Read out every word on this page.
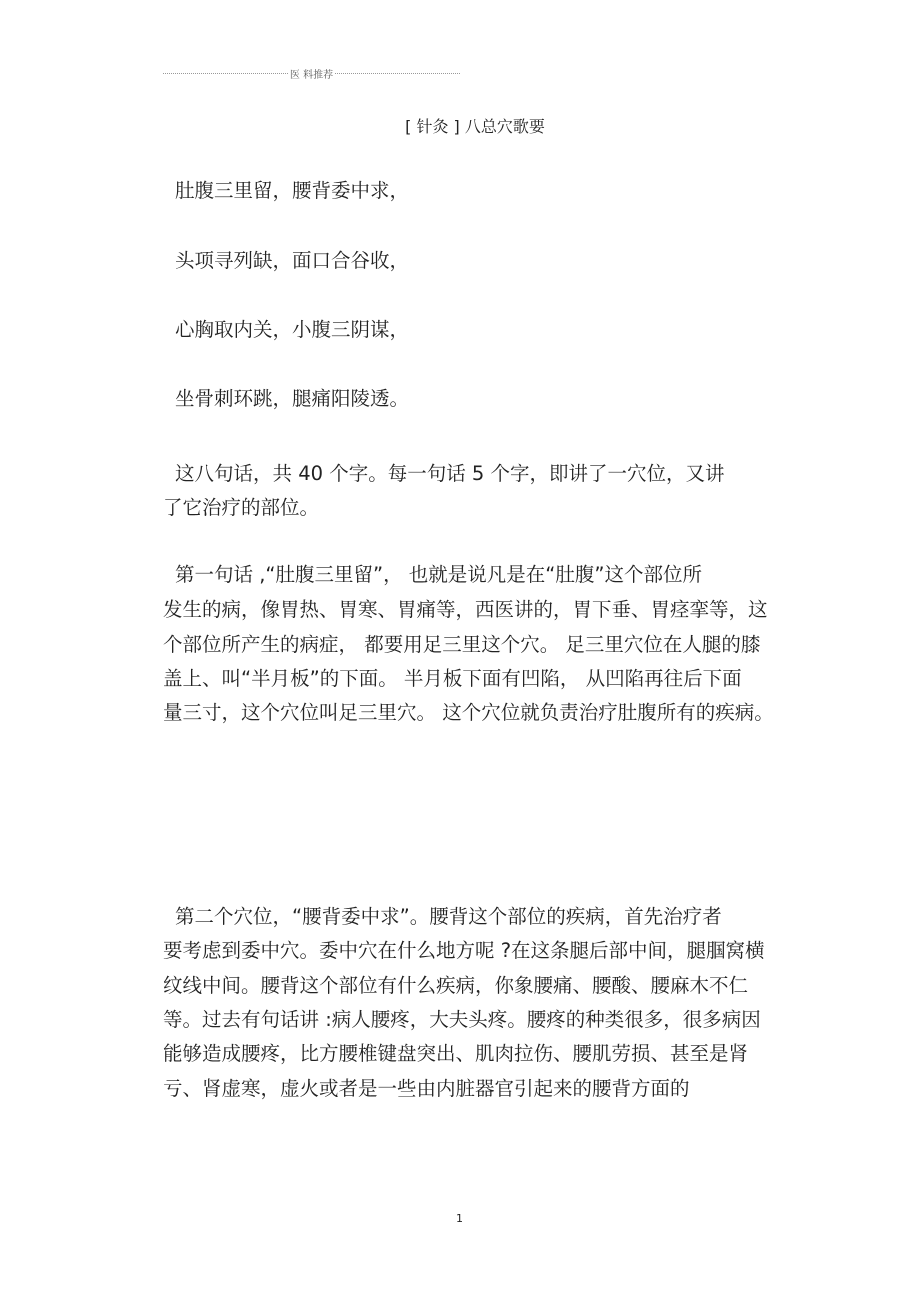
医 料推荐
[ 针灸 ] 八总穴歌要
肚腹三里留，腰背委中求，
头项寻列缺，面口合谷收，
心胸取内关，小腹三阴谋，
坐骨刺环跳，腿痛阳陵透。
这八句话，共 40 个字。每一句话 5 个字，即讲了一穴位，又讲
了它治疗的部位。
第一句话 ,“肚腹三里留”， 也就是说凡是在“肚腹”这个部位所
发生的病，像胃热、胃寒、胃痛等，西医讲的，胃下垂、胃痉挛等，这
个部位所产生的病症， 都要用足三里这个穴。 足三里穴位在人腿的膝
盖上、叫“半月板”的下面。 半月板下面有凹陷， 从凹陷再往后下面
量三寸，这个穴位叫足三里穴。 这个穴位就负责治疗肚腹所有的疾病。
第二个穴位，“腰背委中求”。腰背这个部位的疾病，首先治疗者
要考虑到委中穴。委中穴在什么地方呢 ?在这条腿后部中间，腿腘窝横
纹线中间。腰背这个部位有什么疾病，你象腰痛、腰酸、腰麻木不仁
等。过去有句话讲 :病人腰疼，大夫头疼。腰疼的种类很多，很多病因
能够造成腰疼，比方腰椎键盘突出、肌肉拉伤、腰肌劳损、甚至是肾
亏、肾虚寒，虚火或者是一些由内脏器官引起来的腰背方面的
1
